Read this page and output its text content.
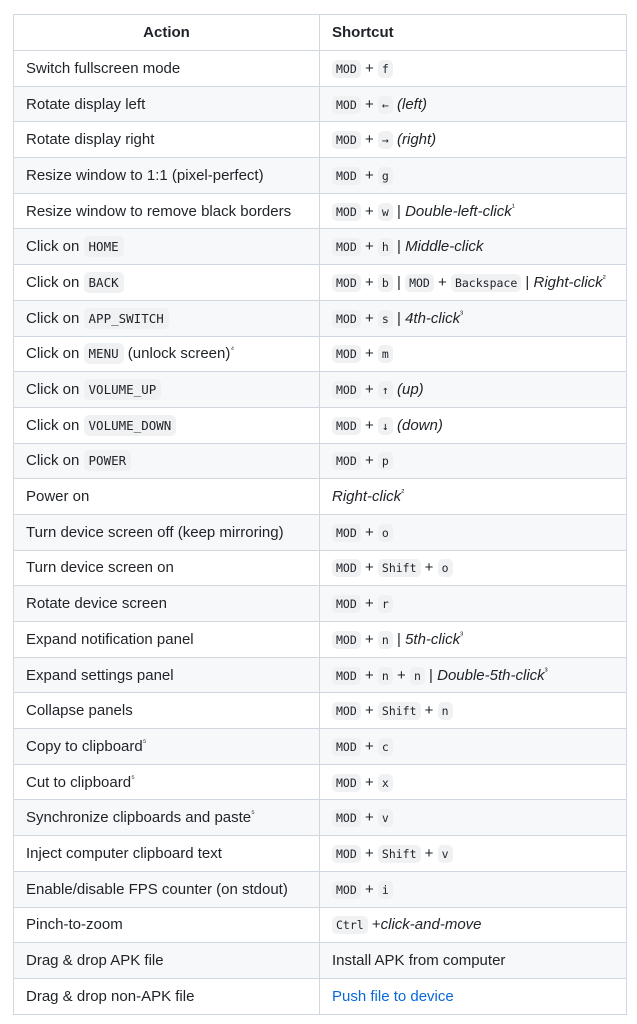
Action	Shortcut
Switch fullscreen mode	MOD + f
Rotate display left	MOD + ← (left)
Rotate display right	MOD + → (right)
Resize window to 1:1 (pixel-perfect)	MOD + g
Resize window to remove black borders	MOD + w | Double-left-click$^{^1}$
Click on HOME	MOD + h | Middle-click
Click on BACK	MOD + b | MOD + Backspace | Right-click$^{^2}$
Click on APP_SWITCH	MOD + s | 4th-click$^{^3}$
Click on MENU (unlock screen)$^{^4}$	MOD + m
Click on VOLUME_UP	MOD + ↑ (up)
Click on VOLUME_DOWN	MOD + ↓ (down)
Click on POWER	MOD + p
Power on	Right-click$^{^2}$
Turn device screen off (keep mirroring)	MOD + o
Turn device screen on	MOD + Shift + o
Rotate device screen	MOD + r
Expand notification panel	MOD + n | 5th-click$^{^3}$
Expand settings panel	MOD + n + n | Double-5th-click$^{^3}$
Collapse panels	MOD + Shift + n
Copy to clipboard$^{^5}$	MOD + c
Cut to clipboard$^{^5}$	MOD + x
Synchronize clipboards and paste$^{^5}$	MOD + v
Inject computer clipboard text	MOD + Shift + v
Enable/disable FPS counter (on stdout)	MOD + i
Pinch-to-zoom	Ctrl +click-and-move
Drag & drop APK file	Install APK from computer
Drag & drop non-APK file	Push file to device
